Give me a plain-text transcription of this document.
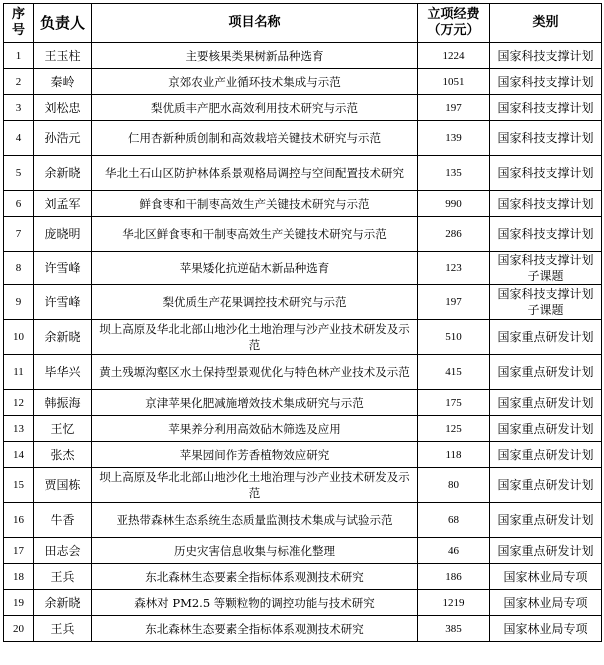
序号	负责人	项目名称	立项经费（万元）	类别
1	王玉柱	主要核果类果树新品种选育	1224	国家科技支撑计划
2	秦岭	京郊农业产业循环技术集成与示范	1051	国家科技支撑计划
3	刘松忠	梨优质丰产肥水高效利用技术研究与示范	197	国家科技支撑计划
4	孙浩元	仁用杏新种质创制和高效栽培关键技术研究与示范	139	国家科技支撑计划
5	余新晓	华北土石山区防护林体系景观格局调控与空间配置技术研究	135	国家科技支撑计划
6	刘孟军	鲜食枣和干制枣高效生产关键技术研究与示范	990	国家科技支撑计划
7	庞晓明	华北区鲜食枣和干制枣高效生产关键技术研究与示范	286	国家科技支撑计划
8	许雪峰	苹果矮化抗逆砧木新品种选育	123	国家科技支撑计划子课题
9	许雪峰	梨优质生产花果调控技术研究与示范	197	国家科技支撑计划子课题
10	余新晓	坝上高原及华北北部山地沙化土地治理与沙产业技术研发及示范	510	国家重点研发计划
11	毕华兴	黄土残塬沟壑区水土保持型景观优化与特色林产业技术及示范	415	国家重点研发计划
12	韩振海	京津苹果化肥减施增效技术集成研究与示范	175	国家重点研发计划
13	王忆	苹果养分利用高效砧木筛选及应用	125	国家重点研发计划
14	张杰	苹果园间作芳香植物效应研究	118	国家重点研发计划
15	贾国栋	坝上高原及华北北部山地沙化土地治理与沙产业技术研发及示范	80	国家重点研发计划
16	牛香	亚热带森林生态系统生态质量监测技术集成与试验示范	68	国家重点研发计划
17	田志会	历史灾害信息收集与标准化整理	46	国家重点研发计划
18	王兵	东北森林生态要素全指标体系观测技术研究	186	国家林业局专项
19	余新晓	森林对 PM2.5 等颗粒物的调控功能与技术研究	1219	国家林业局专项
20	王兵	东北森林生态要素全指标体系观测技术研究	385	国家林业局专项
